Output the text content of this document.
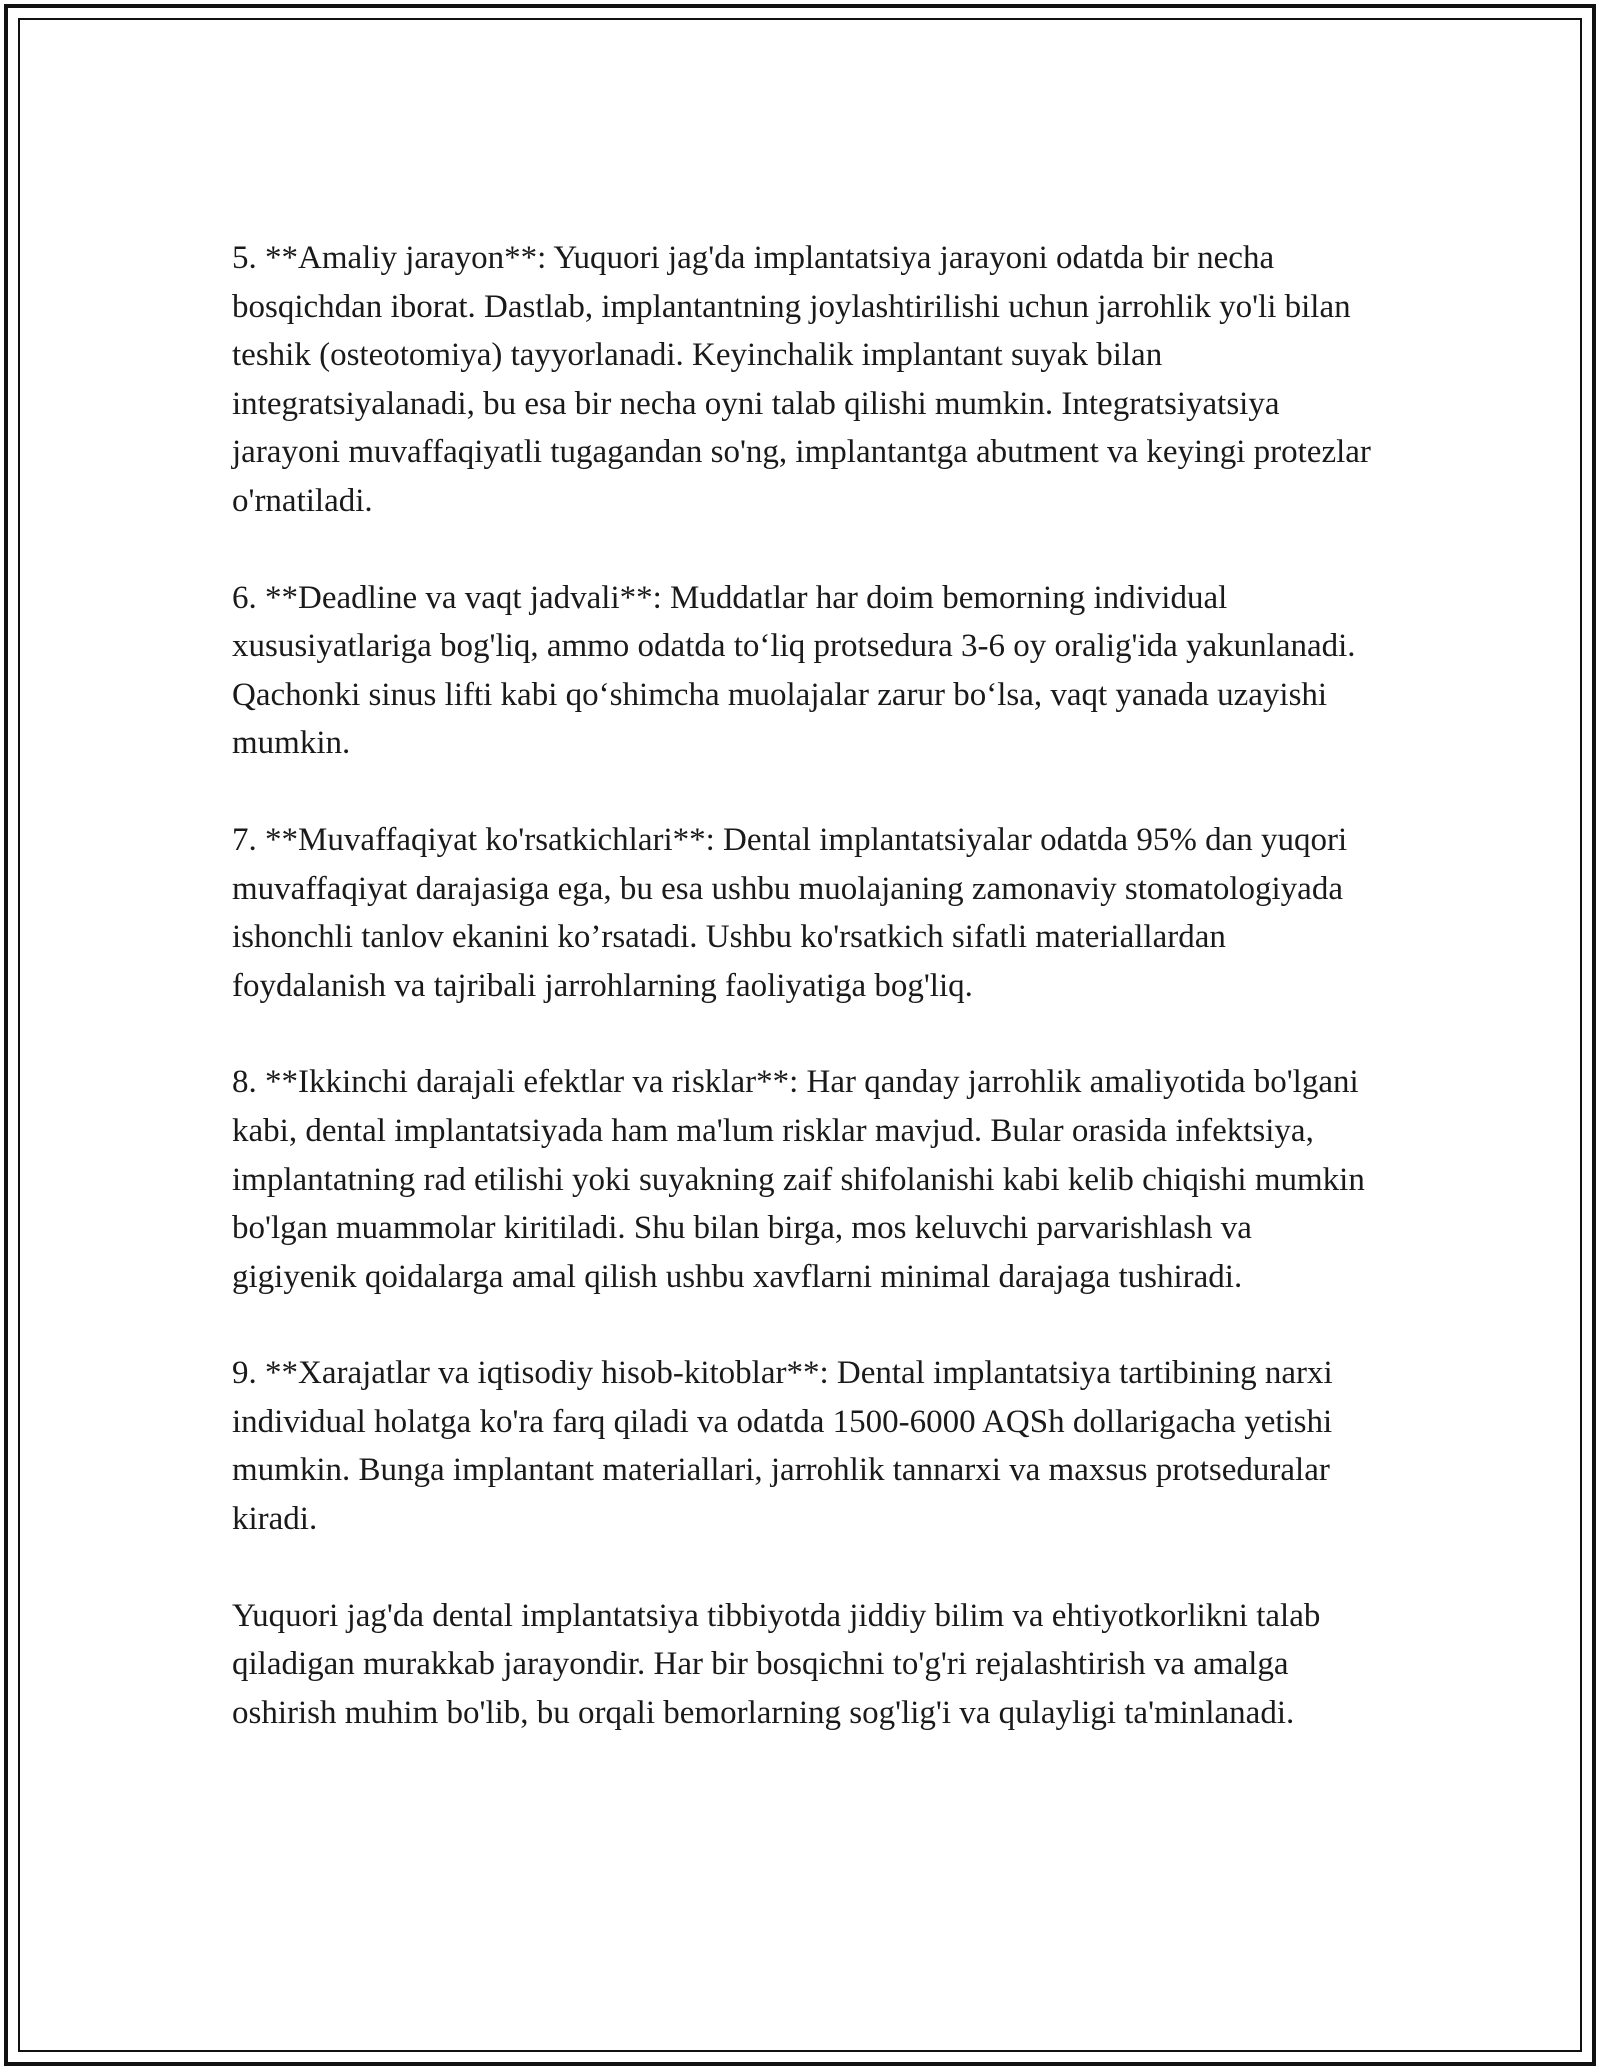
5. **Amaliy jarayon**: Yuquori jag'da implantatsiya jarayoni odatda bir necha bosqichdan iborat. Dastlab, implantantning joylashtirilishi uchun jarrohlik yo'li bilan teshik (osteotomiya) tayyorlanadi. Keyinchalik implantant suyak bilan integratsiyalanadi, bu esa bir necha oyni talab qilishi mumkin. Integratsiyatsiya jarayoni muvaffaqiyatli tugagandan so'ng, implantantga abutment va keyingi protezlar o'rnatiladi.

6. **Deadline va vaqt jadvali**: Muddatlar har doim bemorning individual xususiyatlariga bog'liq, ammo odatda to‘liq protsedura 3-6 oy oralig'ida yakunlanadi. Qachonki sinus lifti kabi qo‘shimcha muolajalar zarur bo‘lsa, vaqt yanada uzayishi mumkin.

7. **Muvaffaqiyat ko'rsatkichlari**: Dental implantatsiyalar odatda 95% dan yuqori muvaffaqiyat darajasiga ega, bu esa ushbu muolajaning zamonaviy stomatologiyada ishonchli tanlov ekanini ko’rsatadi. Ushbu ko'rsatkich sifatli materiallardan foydalanish va tajribali jarrohlarning faoliyatiga bog'liq.

8. **Ikkinchi darajali efektlar va risklar**: Har qanday jarrohlik amaliyotida bo'lgani kabi, dental implantatsiyada ham ma'lum risklar mavjud. Bular orasida infektsiya, implantatning rad etilishi yoki suyakning zaif shifolanishi kabi kelib chiqishi mumkin bo'lgan muammolar kiritiladi. Shu bilan birga, mos keluvchi parvarishlash va gigiyenik qoidalarga amal qilish ushbu xavflarni minimal darajaga tushiradi.

9. **Xarajatlar va iqtisodiy hisob-kitoblar**: Dental implantatsiya tartibining narxi individual holatga ko'ra farq qiladi va odatda 1500-6000 AQSh dollarigacha yetishi mumkin. Bunga implantant materiallari, jarrohlik tannarxi va maxsus protseduralar kiradi.

Yuquori jag'da dental implantatsiya tibbiyotda jiddiy bilim va ehtiyotkorlikni talab qiladigan murakkab jarayondir. Har bir bosqichni to'g'ri rejalashtirish va amalga oshirish muhim bo'lib, bu orqali bemorlarning sog'lig'i va qulayligi ta'minlanadi.
